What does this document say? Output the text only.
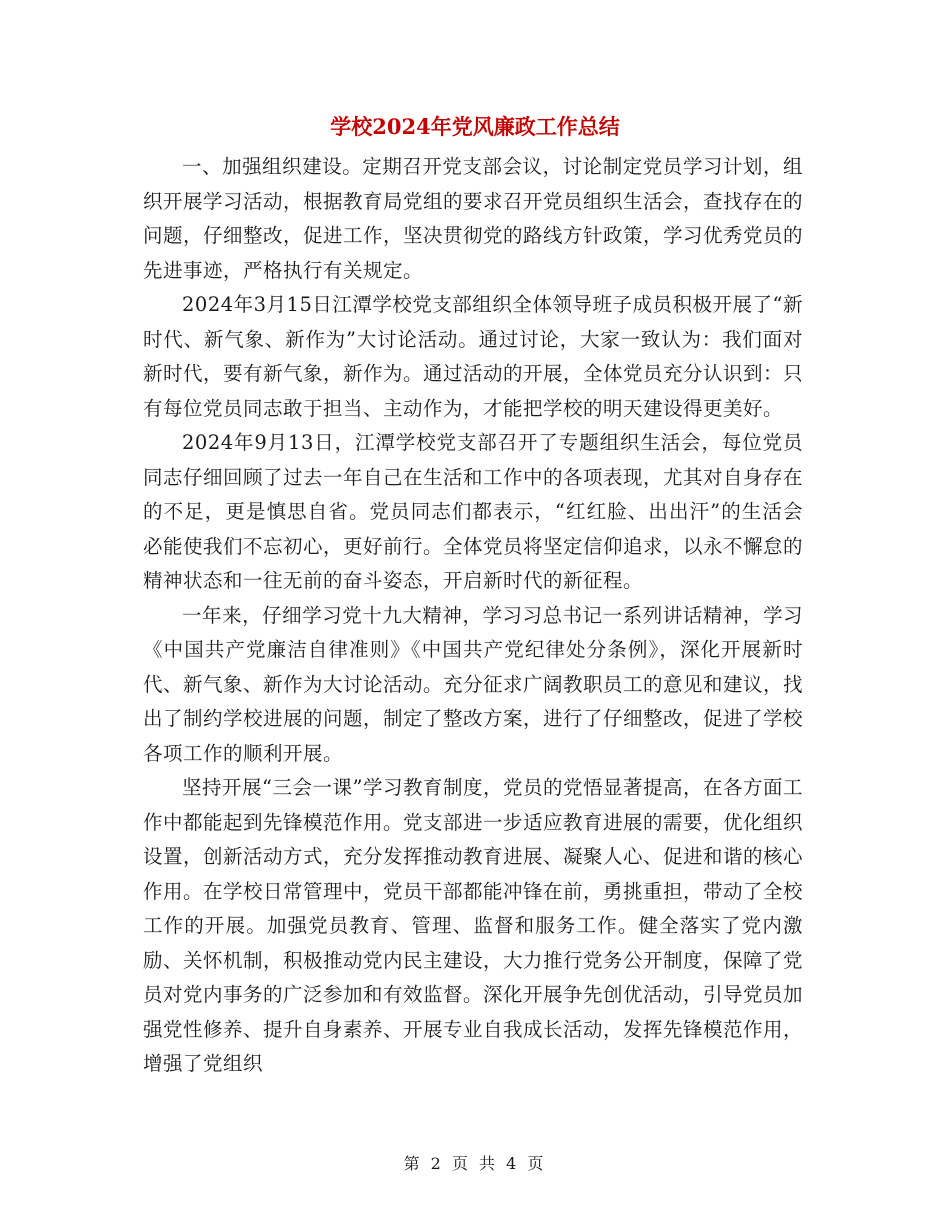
学校2024年党风廉政工作总结

一、加强组织建设。定期召开党支部会议，讨论制定党员学习计划，组织开展学习活动，根据教育局党组的要求召开党员组织生活会，查找存在的问题，仔细整改，促进工作，坚决贯彻党的路线方针政策，学习优秀党员的先进事迹，严格执行有关规定。

2024年3月15日江潭学校党支部组织全体领导班子成员积极开展了“新时代、新气象、新作为”大讨论活动。通过讨论，大家一致认为：我们面对新时代，要有新气象，新作为。通过活动的开展，全体党员充分认识到：只有每位党员同志敢于担当、主动作为，才能把学校的明天建设得更美好。

2024年9月13日，江潭学校党支部召开了专题组织生活会，每位党员同志仔细回顾了过去一年自己在生活和工作中的各项表现，尤其对自身存在的不足，更是慎思自省。党员同志们都表示，“红红脸、出出汗”的生活会必能使我们不忘初心，更好前行。全体党员将坚定信仰追求，以永不懈怠的精神状态和一往无前的奋斗姿态，开启新时代的新征程。

一年来，仔细学习党十九大精神，学习习总书记一系列讲话精神，学习《中国共产党廉洁自律准则》《中国共产党纪律处分条例》，深化开展新时代、新气象、新作为大讨论活动。充分征求广阔教职员工的意见和建议，找出了制约学校进展的问题，制定了整改方案，进行了仔细整改，促进了学校各项工作的顺利开展。

坚持开展“三会一课”学习教育制度，党员的党悟显著提高，在各方面工作中都能起到先锋模范作用。党支部进一步适应教育进展的需要，优化组织设置，创新活动方式，充分发挥推动教育进展、凝聚人心、促进和谐的核心作用。在学校日常管理中，党员干部都能冲锋在前，勇挑重担，带动了全校工作的开展。加强党员教育、管理、监督和服务工作。健全落实了党内激励、关怀机制，积极推动党内民主建设，大力推行党务公开制度，保障了党员对党内事务的广泛参加和有效监督。深化开展争先创优活动，引导党员加强党性修养、提升自身素养、开展专业自我成长活动，发挥先锋模范作用， 增强了党组织

第 2 页 共 4 页
